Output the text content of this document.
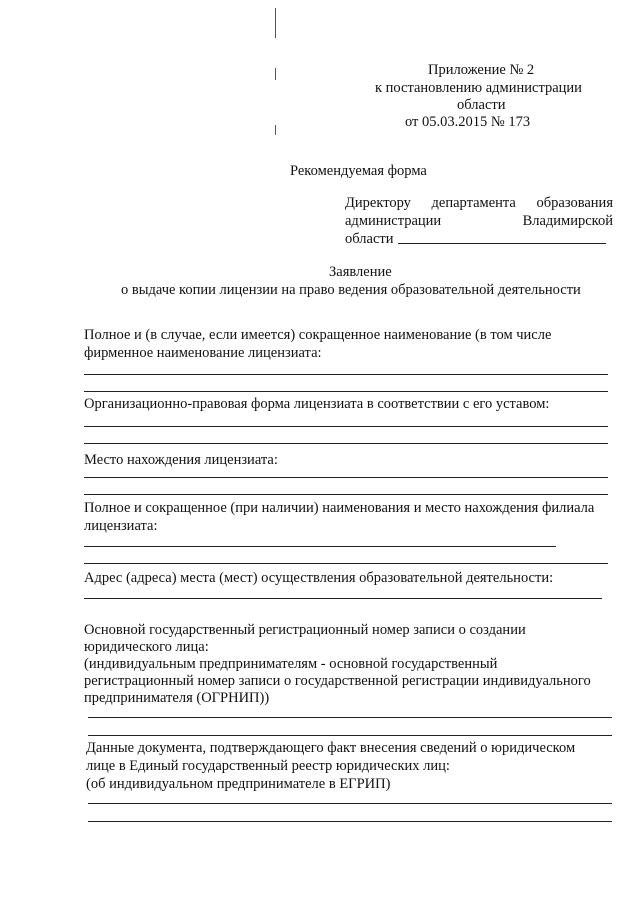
Приложение № 2
к постановлению администрации
области
от 05.03.2015 № 173
Рекомендуемая форма
Директору департамента образования
администрации	Владимирской
области
Заявление
о выдаче копии лицензии на право ведения образовательной деятельности
Полное и (в случае, если имеется) сокращенное наименование (в том числе
фирменное наименование лицензиата:
Организационно-правовая форма лицензиата в соответствии с его уставом:
Место нахождения лицензиата:
Полное и сокращенное (при наличии) наименования и место нахождения филиала
лицензиата:
Адрес (адреса) места (мест) осуществления образовательной деятельности:
Основной государственный регистрационный номер записи о создании
юридического лица:
(индивидуальным предпринимателям - основной государственный
регистрационный номер записи о государственной регистрации индивидуального
предпринимателя (ОГРНИП))
Данные документа, подтверждающего факт внесения сведений о юридическом
лице в Единый государственный реестр юридических лиц:
(об индивидуальном предпринимателе в ЕГРИП)
